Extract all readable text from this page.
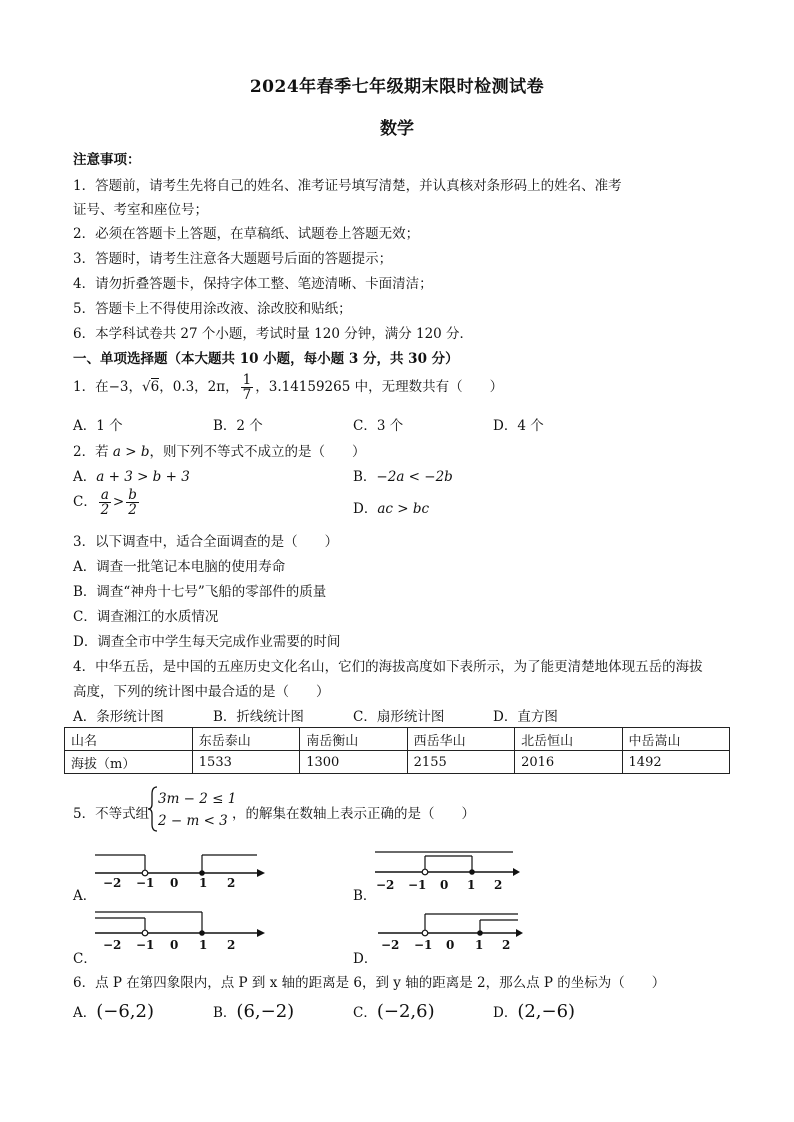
2024年春季七年级期末限时检测试卷
数学
注意事项：
1．答题前，请考生先将自己的姓名、准考证号填写清楚，并认真核对条形码上的姓名、准考
证号、考室和座位号；
2．必须在答题卡上答题，在草稿纸、试题卷上答题无效；
3．答题时，请考生注意各大题题号后面的答题提示；
4．请勿折叠答题卡，保持字体工整、笔迹清晰、卡面清洁；
5．答题卡上不得使用涂改液、涂改胶和贴纸；
6．本学科试卷共 27 个小题，考试时量 120 分钟，满分 120 分．
一、单项选择题（本大题共 10 小题，每小题 3 分，共 30 分）
1．在−3，√6，0.3，2π， $\frac{1}{7}$ ，3.14159265 中，无理数共有（　　）
A．1 个	B．2 个	C．3 个	D．4 个
2．若 a > b，则下列不等式不成立的是（　　）
A．a + 3 > b + 3	B．−2a < −2b
C． $\frac{a}{2} > \frac{b}{2}$	D．ac > bc
3．以下调查中，适合全面调查的是（　　）
A．调查一批笔记本电脑的使用寿命
B．调查“神舟十七号”飞船的零部件的质量
C．调查湘江的水质情况
D．调查全市中学生每天完成作业需要的时间
4．中华五岳，是中国的五座历史文化名山，它们的海拔高度如下表所示，为了能更清楚地体现五岳的海拔
高度，下列的统计图中最合适的是（　　）
A．条形统计图	B．折线统计图	C．扇形统计图	D．直方图
山名	东岳泰山	南岳衡山	西岳华山	北岳恒山	中岳嵩山
海拔（m）	1533	1300	2155	2016	1492
5．不等式组
3m − 2 ≤ 1
2 − m < 3 ，的解集在数轴上表示正确的是（　　）
A．
−2 −1 0 1 2
B．
−2 −1 0 1 2
C．
−2 −1 0 1 2
D．
−2 −1 0 1 2
6．点 P 在第四象限内，点 P 到 x 轴的距离是 6，到 y 轴的距离是 2，那么点 P 的坐标为（　　）
A．(−6,2)	B．(6,−2)	C．(−2,6)	D．(2,−6)
